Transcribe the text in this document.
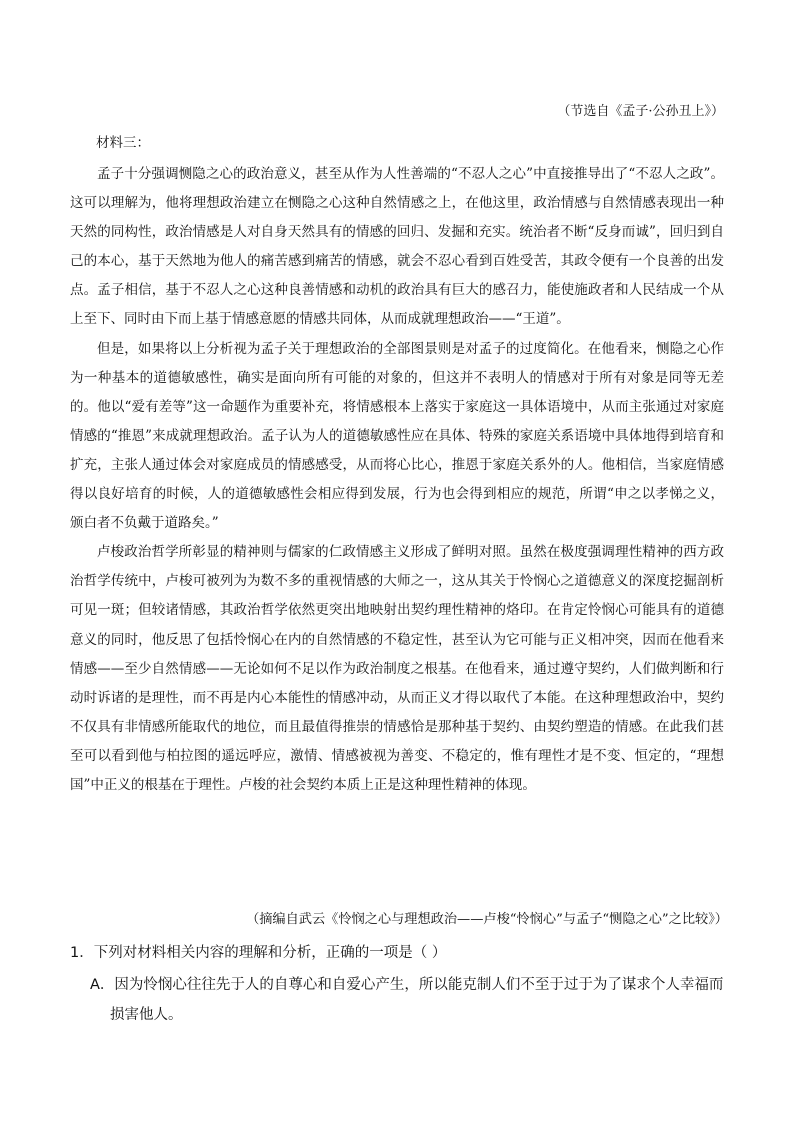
（节选自《孟子·公孙丑上》）
材料三：

孟子十分强调恻隐之心的政治意义，甚至从作为人性善端的“不忍人之心”中直接推导出了“不忍人之政”。这可以理解为，他将理想政治建立在恻隐之心这种自然情感之上，在他这里，政治情感与自然情感表现出一种天然的同构性，政治情感是人对自身天然具有的情感的回归、发掘和充实。统治者不断“反身而诚”，回归到自己的本心，基于天然地为他人的痛苦感到痛苦的情感，就会不忍心看到百姓受苦，其政令便有一个良善的出发点。孟子相信，基于不忍人之心这种良善情感和动机的政治具有巨大的感召力，能使施政者和人民结成一个从上至下、同时由下而上基于情感意愿的情感共同体，从而成就理想政治——“王道”。

但是，如果将以上分析视为孟子关于理想政治的全部图景则是对孟子的过度简化。在他看来，恻隐之心作为一种基本的道德敏感性，确实是面向所有可能的对象的，但这并不表明人的情感对于所有对象是同等无差的。他以“爱有差等”这一命题作为重要补充，将情感根本上落实于家庭这一具体语境中，从而主张通过对家庭情感的“推恩”来成就理想政治。孟子认为人的道德敏感性应在具体、特殊的家庭关系语境中具体地得到培育和扩充，主张人通过体会对家庭成员的情感感受，从而将心比心，推恩于家庭关系外的人。他相信，当家庭情感得以良好培育的时候，人的道德敏感性会相应得到发展，行为也会得到相应的规范，所谓“申之以孝悌之义，颁白者不负戴于道路矣。”

卢梭政治哲学所彰显的精神则与儒家的仁政情感主义形成了鲜明对照。虽然在极度强调理性精神的西方政治哲学传统中，卢梭可被列为为数不多的重视情感的大师之一，这从其关于怜悯心之道德意义的深度挖掘剖析可见一斑；但较诸情感，其政治哲学依然更突出地映射出契约理性精神的烙印。在肯定怜悯心可能具有的道德意义的同时，他反思了包括怜悯心在内的自然情感的不稳定性，甚至认为它可能与正义相冲突，因而在他看来情感——至少自然情感——无论如何不足以作为政治制度之根基。在他看来，通过遵守契约，人们做判断和行动时诉诸的是理性，而不再是内心本能性的情感冲动，从而正义才得以取代了本能。在这种理想政治中，契约不仅具有非情感所能取代的地位，而且最值得推崇的情感恰是那种基于契约、由契约塑造的情感。在此我们甚至可以看到他与柏拉图的遥远呼应，激情、情感被视为善变、不稳定的，惟有理性才是不变、恒定的，“理想国”中正义的根基在于理性。卢梭的社会契约本质上正是这种理性精神的体现。

（摘编自武云《怜悯之心与理想政治——卢梭“怜悯心”与孟子“恻隐之心”之比较》）

1．下列对材料相关内容的理解和分析，正确的一项是（ ）

A．因为怜悯心往往先于人的自尊心和自爱心产生，所以能克制人们不至于过于为了谋求个人幸福而损害他人。
